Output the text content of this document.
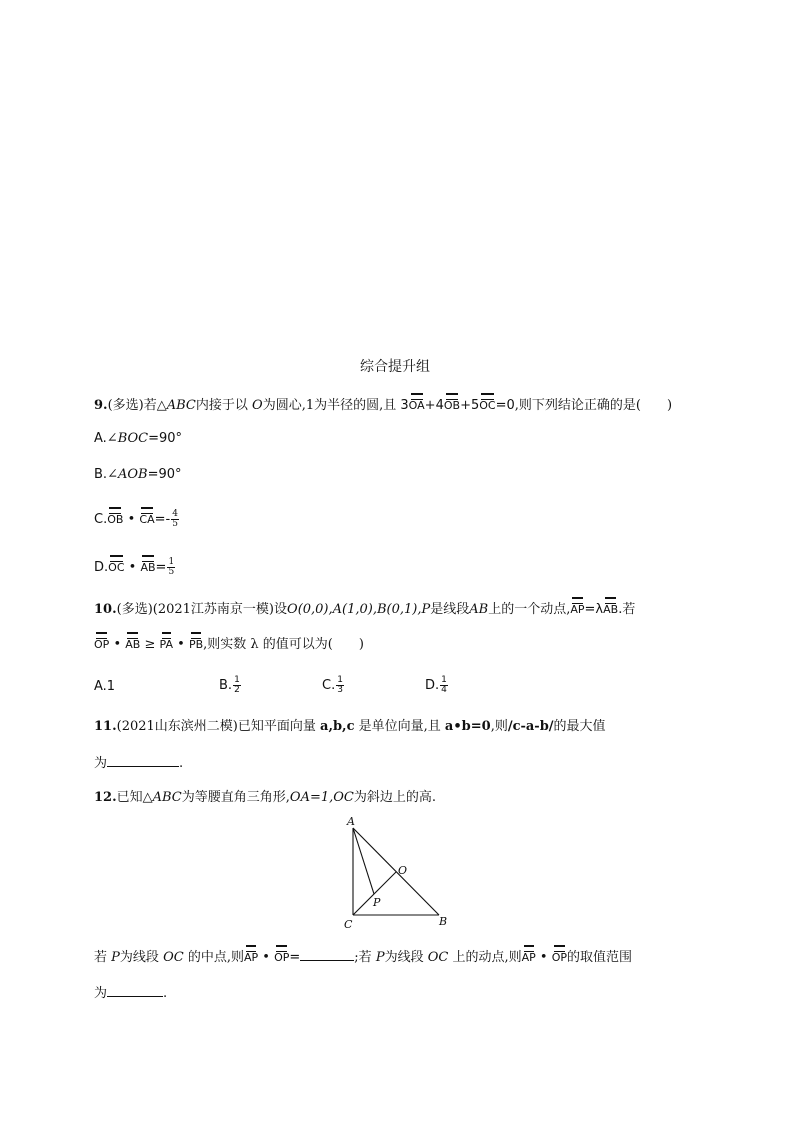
综合提升组
9.(多选)若△ABC内接于以 O为圆心,1为半径的圆,且 3OA+4OB+5OC=0,则下列结论正确的是( )
A.∠BOC=90°
B.∠AOB=90°
C.OB • $CA=- \frac{4}{5}$
D.OC • $AB= \frac{1}{5}$
10.(多选)(2021江苏南京一模)设O(0,0),A(1,0),B(0,1),P是线段AB上的一个动点,AP=λAB.若
OP • AB ≥ PA • PB,则实数 λ 的值可以为( )
A.1	B. $\frac{1}{2}$	C. $\frac{1}{3}$	D. $\frac{1}{4}$
11.(2021山东滨州二模)已知平面向量 a,b,c 是单位向量,且 a•b=0,则/c-a-b/的最大值
为	.
12.已知△ABC为等腰直角三角形,OA=1,OC为斜边上的高.
A
O
P
C	B
若 P为线段 OC 的中点,则AP • OP=	;若 P为线段 OC 上的动点,则AP • OP的取值范围
为	.
